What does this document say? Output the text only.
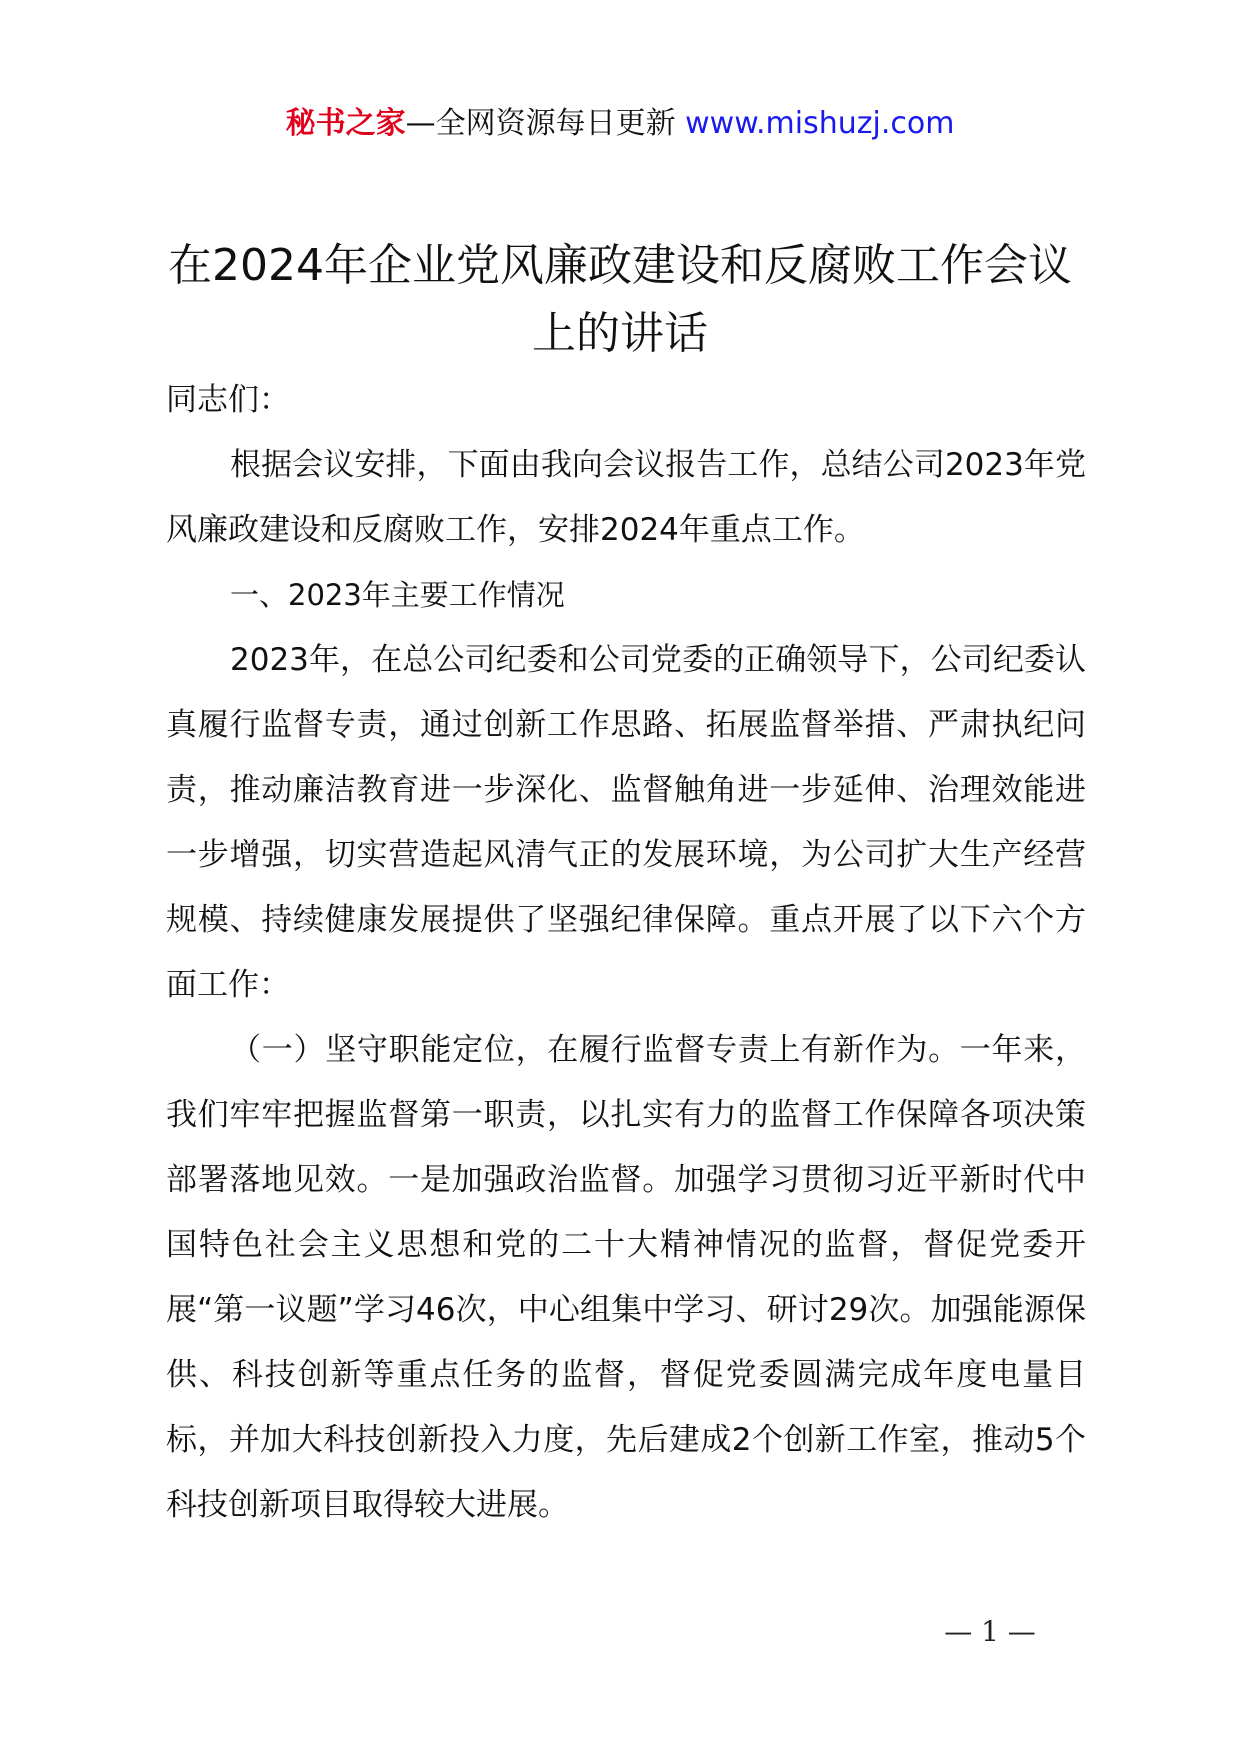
秘书之家—全网资源每日更新 www.mishuzj.com
在2024年企业党风廉政建设和反腐败工作会议上的讲话

同志们：

根据会议安排，下面由我向会议报告工作，总结公司2023年党风廉政建设和反腐败工作，安排2024年重点工作。

一、2023年主要工作情况

2023年，在总公司纪委和公司党委的正确领导下，公司纪委认真履行监督专责，通过创新工作思路、拓展监督举措、严肃执纪问责，推动廉洁教育进一步深化、监督触角进一步延伸、治理效能进一步增强，切实营造起风清气正的发展环境，为公司扩大生产经营规模、持续健康发展提供了坚强纪律保障。重点开展了以下六个方面工作：

（一）坚守职能定位，在履行监督专责上有新作为。一年来，我们牢牢把握监督第一职责，以扎实有力的监督工作保障各项决策部署落地见效。一是加强政治监督。加强学习贯彻习近平新时代中国特色社会主义思想和党的二十大精神情况的监督，督促党委开展“第一议题”学习46次，中心组集中学习、研讨29次。加强能源保供、科技创新等重点任务的监督，督促党委圆满完成年度电量目标，并加大科技创新投入力度，先后建成2个创新工作室，推动5个科技创新项目取得较大进展。

— 1 —
